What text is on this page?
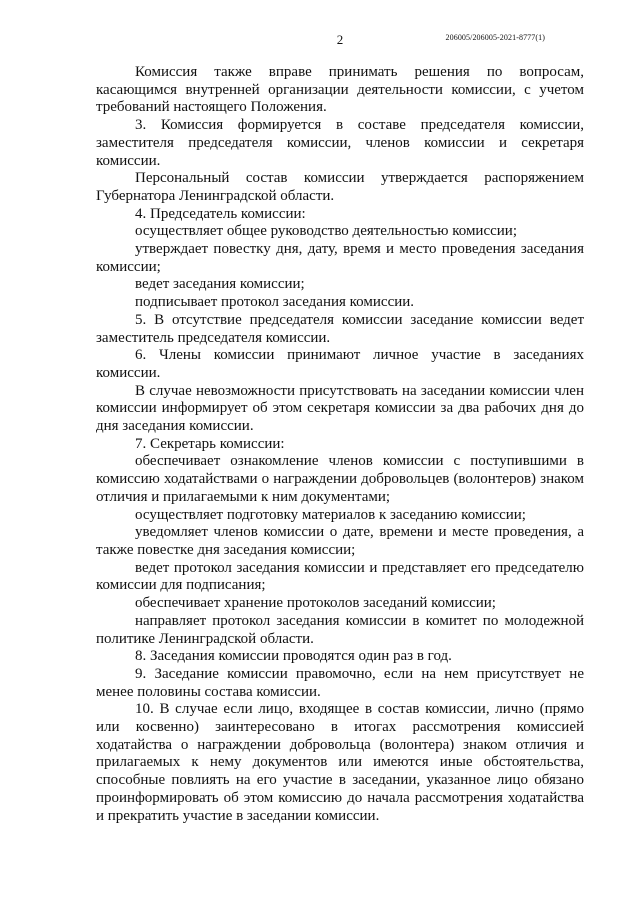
2	206005/206005-2021-8777(1)

Комиссия также вправе принимать решения по вопросам, касающимся внутренней организации деятельности комиссии, с учетом требований настоящего Положения.

3. Комиссия формируется в составе председателя комиссии, заместителя председателя комиссии, членов комиссии и секретаря комиссии.

Персональный состав комиссии утверждается распоряжением Губернатора Ленинградской области.

4. Председатель комиссии:

осуществляет общее руководство деятельностью комиссии;

утверждает повестку дня, дату, время и место проведения заседания комиссии;

ведет заседания комиссии;

подписывает протокол заседания комиссии.

5. В отсутствие председателя комиссии заседание комиссии ведет заместитель председателя комиссии.

6. Члены комиссии принимают личное участие в заседаниях комиссии.

В случае невозможности присутствовать на заседании комиссии член комиссии информирует об этом секретаря комиссии за два рабочих дня до дня заседания комиссии.

7. Секретарь комиссии:

обеспечивает ознакомление членов комиссии с поступившими в комиссию ходатайствами о награждении добровольцев (волонтеров) знаком отличия и прилагаемыми к ним документами;

осуществляет подготовку материалов к заседанию комиссии;

уведомляет членов комиссии о дате, времени и месте проведения, а также повестке дня заседания комиссии;

ведет протокол заседания комиссии и представляет его председателю комиссии для подписания;

обеспечивает хранение протоколов заседаний комиссии;

направляет протокол заседания комиссии в комитет по молодежной политике Ленинградской области.

8. Заседания комиссии проводятся один раз в год.

9. Заседание комиссии правомочно, если на нем присутствует не менее половины состава комиссии.

10. В случае если лицо, входящее в состав комиссии, лично (прямо или косвенно) заинтересовано в итогах рассмотрения комиссией ходатайства о награждении добровольца (волонтера) знаком отличия и прилагаемых к нему документов или имеются иные обстоятельства, способные повлиять на его участие в заседании, указанное лицо обязано проинформировать об этом комиссию до начала рассмотрения ходатайства и прекратить участие в заседании комиссии.
